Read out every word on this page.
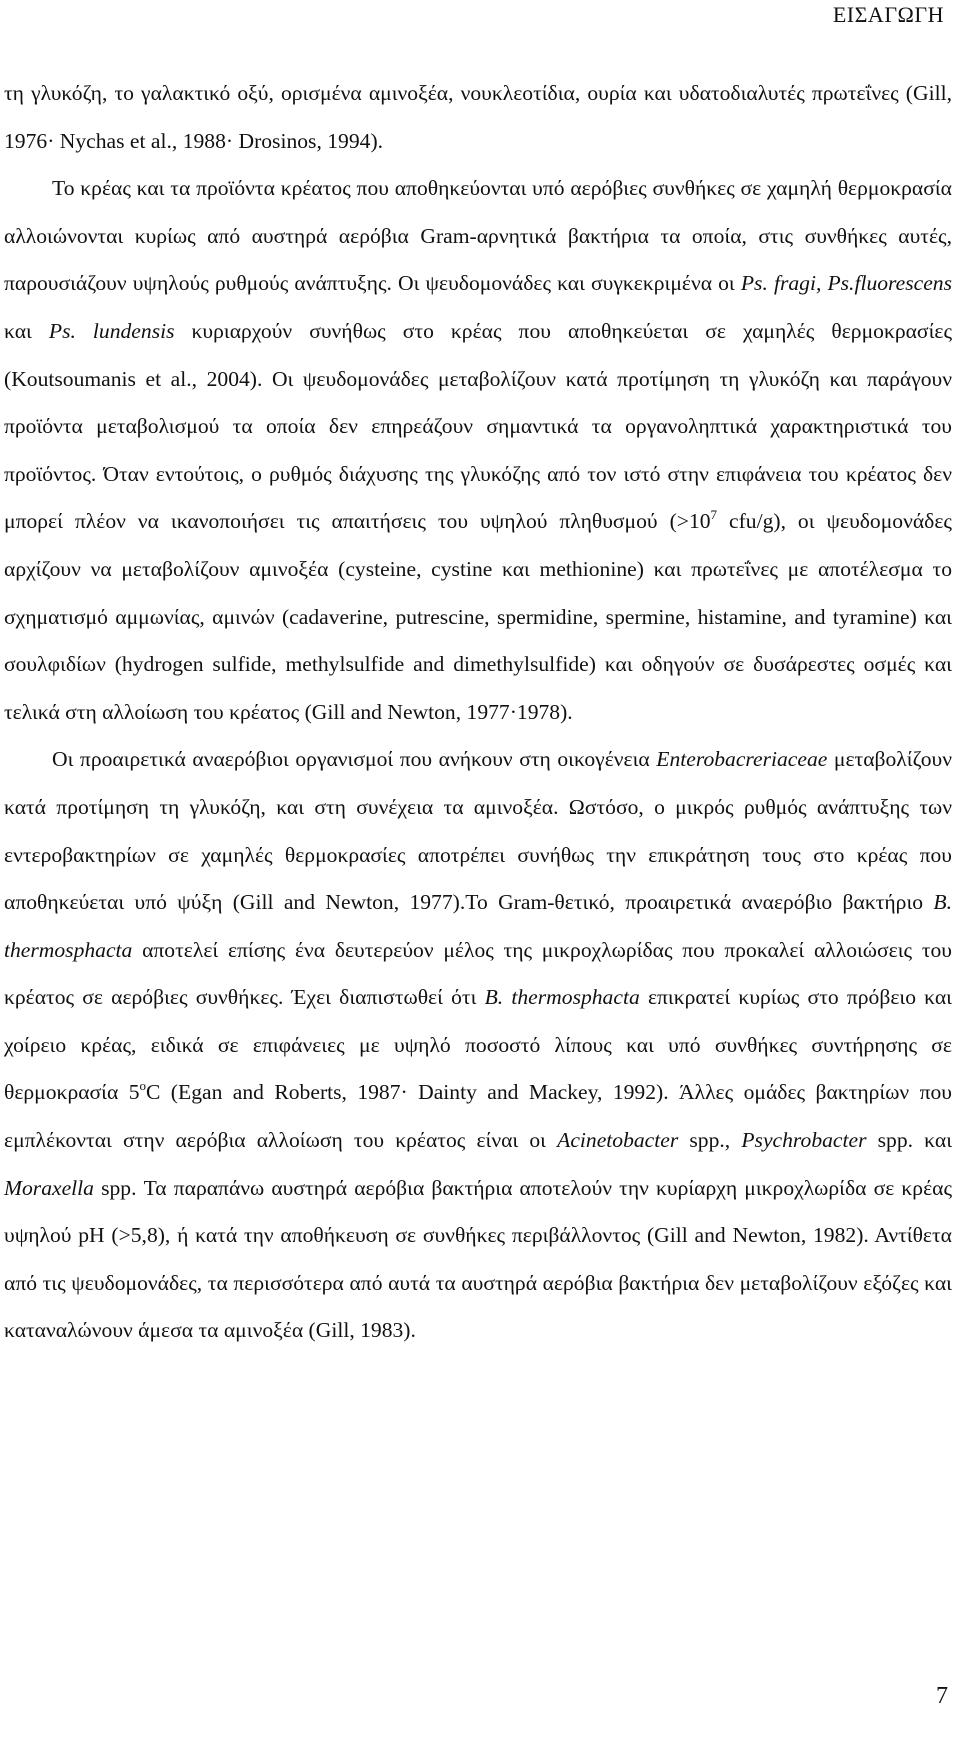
ΕΙΣΑΓΩΓΗ

τη γλυκόζη, το γαλακτικό οξύ, ορισμένα αμινοξέα, νουκλεοτίδια, ουρία και υδατοδιαλυτές πρωτεΐνες (Gill, 1976· Nychas et al., 1988· Drosinos, 1994).

Το κρέας και τα προϊόντα κρέατος που αποθηκεύονται υπό αερόβιες συνθήκες σε χαμηλή θερμοκρασία αλλοιώνονται κυρίως από αυστηρά αερόβια Gram-αρνητικά βακτήρια τα οποία, στις συνθήκες αυτές, παρουσιάζουν υψηλούς ρυθμούς ανάπτυξης. Οι ψευδομονάδες και συγκεκριμένα οι Ps. fragi, Ps.fluorescens και Ps. lundensis κυριαρχούν συνήθως στο κρέας που αποθηκεύεται σε χαμηλές θερμοκρασίες (Koutsoumanis et al., 2004). Οι ψευδομονάδες μεταβολίζουν κατά προτίμηση τη γλυκόζη και παράγουν προϊόντα μεταβολισμού τα οποία δεν επηρεάζουν σημαντικά τα οργανοληπτικά χαρακτηριστικά του προϊόντος. Όταν εντούτοις, ο ρυθμός διάχυσης της γλυκόζης από τον ιστό στην επιφάνεια του κρέατος δεν μπορεί πλέον να ικανοποιήσει τις απαιτήσεις του υψηλού πληθυσμού ($>10^7$ cfu/g), οι ψευδομονάδες αρχίζουν να μεταβολίζουν αμινοξέα (cysteine, cystine και methionine) και πρωτεΐνες με αποτέλεσμα το σχηματισμό αμμωνίας, αμινών (cadaverine, putrescine, spermidine, spermine, histamine, and tyramine) και σουλφιδίων (hydrogen sulfide, methylsulfide and dimethylsulfide) και οδηγούν σε δυσάρεστες οσμές και τελικά στη αλλοίωση του κρέατος (Gill and Newton, 1977·1978).

Οι προαιρετικά αναερόβιοι οργανισμοί που ανήκουν στη οικογένεια Enterobacreriaceae μεταβολίζουν κατά προτίμηση τη γλυκόζη, και στη συνέχεια τα αμινοξέα. Ωστόσο, ο μικρός ρυθμός ανάπτυξης των εντεροβακτηρίων σε χαμηλές θερμοκρασίες αποτρέπει συνήθως την επικράτηση τους στο κρέας που αποθηκεύεται υπό ψύξη (Gill and Newton, 1977).Το Gram-θετικό, προαιρετικά αναερόβιο βακτήριο B. thermosphacta αποτελεί επίσης ένα δευτερεύον μέλος της μικροχλωρίδας που προκαλεί αλλοιώσεις του κρέατος σε αερόβιες συνθήκες. Έχει διαπιστωθεί ότι B. thermosphacta επικρατεί κυρίως στο πρόβειο και χοίρειο κρέας, ειδικά σε επιφάνειες με υψηλό ποσοστό λίπους και υπό συνθήκες συντήρησης σε θερμοκρασία 5$^o$C (Egan and Roberts, 1987· Dainty and Mackey, 1992). Άλλες ομάδες βακτηρίων που εμπλέκονται στην αερόβια αλλοίωση του κρέατος είναι οι Acinetobacter spp., Psychrobacter spp. και Moraxella spp. Τα παραπάνω αυστηρά αερόβια βακτήρια αποτελούν την κυρίαρχη μικροχλωρίδα σε κρέας υψηλού pH (>5,8), ή κατά την αποθήκευση σε συνθήκες περιβάλλοντος (Gill and Newton, 1982). Αντίθετα από τις ψευδομονάδες, τα περισσότερα από αυτά τα αυστηρά αερόβια βακτήρια δεν μεταβολίζουν εξόζες και καταναλώνουν άμεσα τα αμινοξέα (Gill, 1983).

7
